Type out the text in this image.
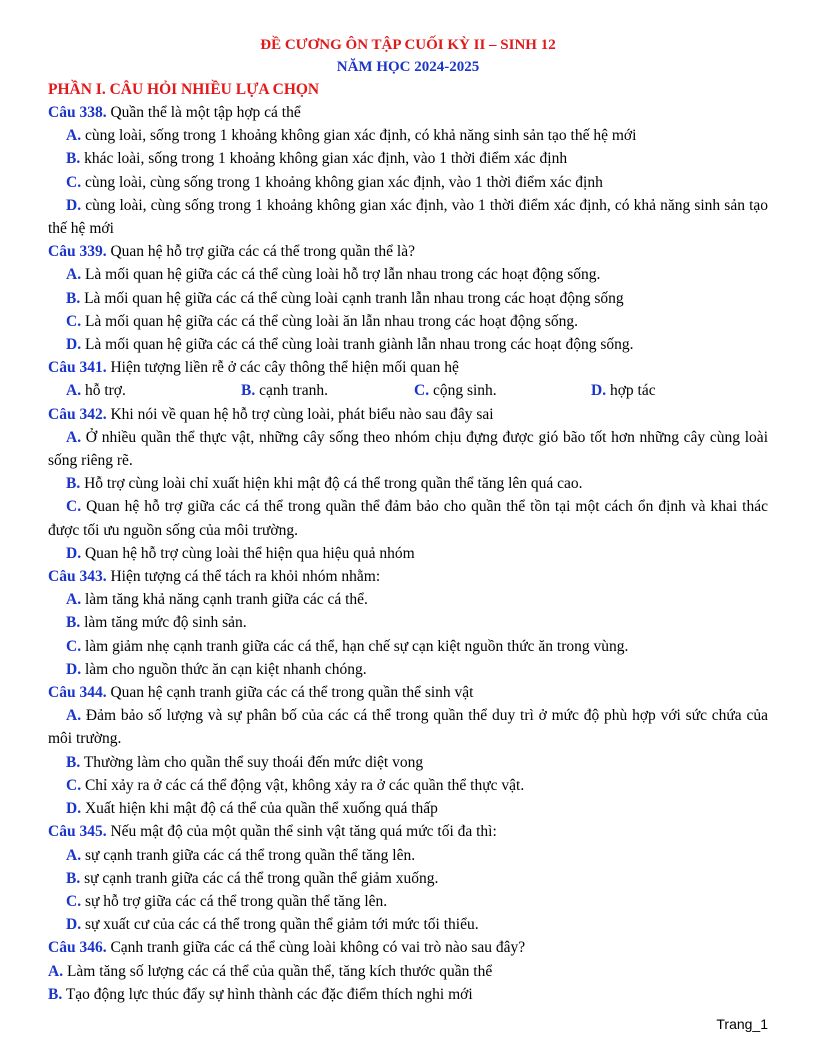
ĐỀ CƯƠNG ÔN TẬP CUỐI KỲ II – SINH 12
NĂM HỌC 2024-2025
PHẦN I. CÂU HỎI NHIỀU LỰA CHỌN
Câu 338. Quần thể là một tập hợp cá thể
A. cùng loài, sống trong 1 khoảng không gian xác định, có khả năng sinh sản tạo thế hệ mới
B. khác loài, sống trong 1 khoảng không gian xác định, vào 1 thời điểm xác định
C. cùng loài, cùng sống trong 1 khoảng không gian xác định, vào 1 thời điểm xác định
D. cùng loài, cùng sống trong 1 khoảng không gian xác định, vào 1 thời điểm xác định, có khả năng sinh sản tạo thế hệ mới
Câu 339. Quan hệ hỗ trợ giữa các cá thể trong quần thể là?
A. Là mối quan hệ giữa các cá thể cùng loài hỗ trợ lẫn nhau trong các hoạt động sống.
B. Là mối quan hệ giữa các cá thể cùng loài cạnh tranh lẫn nhau trong các hoạt động sống
C. Là mối quan hệ giữa các cá thể cùng loài ăn lẫn nhau trong các hoạt động sống.
D. Là mối quan hệ giữa các cá thể cùng loài tranh giành lẫn nhau trong các hoạt động sống.
Câu 341. Hiện tượng liền rễ ở các cây thông thể hiện mối quan hệ
A. hỗ trợ.	B. cạnh tranh.	C. cộng sinh.	D. hợp tác
Câu 342. Khi nói về quan hệ hỗ trợ cùng loài, phát biểu nào sau đây sai
A. Ở nhiều quần thể thực vật, những cây sống theo nhóm chịu đựng được gió bão tốt hơn những cây cùng loài sống riêng rẽ.
B. Hỗ trợ cùng loài chỉ xuất hiện khi mật độ cá thể trong quần thể tăng lên quá cao.
C. Quan hệ hỗ trợ giữa các cá thể trong quần thể đảm bảo cho quần thể tồn tại một cách ổn định và khai thác được tối ưu nguồn sống của môi trường.
D. Quan hệ hỗ trợ cùng loài thể hiện qua hiệu quả nhóm
Câu 343. Hiện tượng cá thể tách ra khỏi nhóm nhằm:
A. làm tăng khả năng cạnh tranh giữa các cá thể.
B. làm tăng mức độ sinh sản.
C. làm giảm nhẹ cạnh tranh giữa các cá thể, hạn chế sự cạn kiệt nguồn thức ăn trong vùng.
D. làm cho nguồn thức ăn cạn kiệt nhanh chóng.
Câu 344. Quan hệ cạnh tranh giữa các cá thể trong quần thể sinh vật
A. Đảm bảo số lượng và sự phân bố của các cá thể trong quần thể duy trì ở mức độ phù hợp với sức chứa của môi trường.
B. Thường làm cho quần thể suy thoái đến mức diệt vong
C. Chỉ xảy ra ở các cá thể động vật, không xảy ra ở các quần thể thực vật.
D. Xuất hiện khi mật độ cá thể của quần thể xuống quá thấp
Câu 345. Nếu mật độ của một quần thể sinh vật tăng quá mức tối đa thì:
A. sự cạnh tranh giữa các cá thể trong quần thể tăng lên.
B. sự cạnh tranh giữa các cá thể trong quần thể giảm xuống.
C. sự hỗ trợ giữa các cá thể trong quần thể tăng lên.
D. sự xuất cư của các cá thể trong quần thể giảm tới mức tối thiểu.
Câu 346. Cạnh tranh giữa các cá thể cùng loài không có vai trò nào sau đây?
A. Làm tăng số lượng các cá thể của quần thể, tăng kích thước quần thể
B. Tạo động lực thúc đẩy sự hình thành các đặc điểm thích nghi mới
Trang_1
